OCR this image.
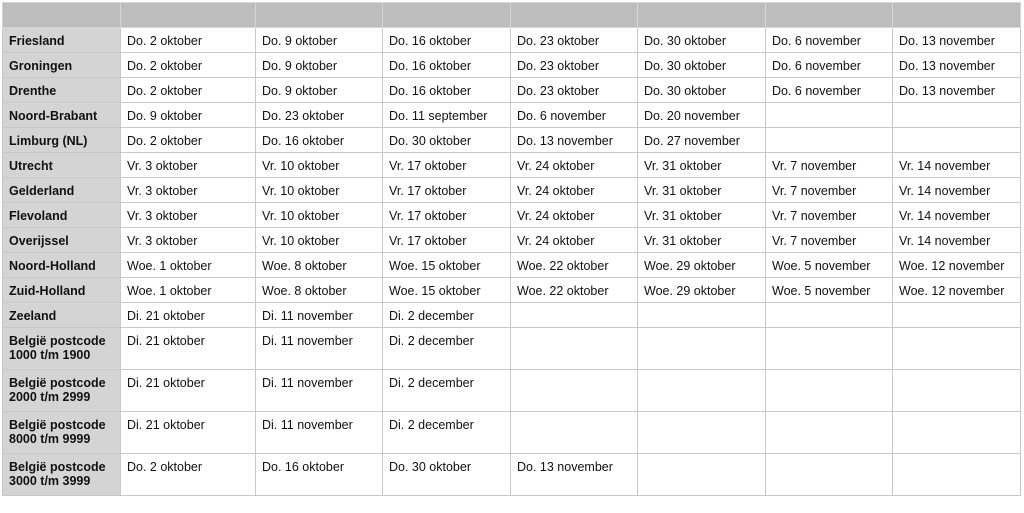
Friesland	Do. 2 oktober	Do. 9 oktober	Do. 16 oktober	Do. 23 oktober	Do. 30 oktober	Do. 6 november	Do. 13 november
Groningen	Do. 2 oktober	Do. 9 oktober	Do. 16 oktober	Do. 23 oktober	Do. 30 oktober	Do. 6 november	Do. 13 november
Drenthe	Do. 2 oktober	Do. 9 oktober	Do. 16 oktober	Do. 23 oktober	Do. 30 oktober	Do. 6 november	Do. 13 november
Noord-Brabant	Do. 9 oktober	Do. 23 oktober	Do. 11 september	Do. 6 november	Do. 20 november		
Limburg (NL)	Do. 2 oktober	Do. 16 oktober	Do. 30 oktober	Do. 13 november	Do. 27 november		
Utrecht	Vr. 3 oktober	Vr. 10 oktober	Vr. 17 oktober	Vr. 24 oktober	Vr. 31 oktober	Vr. 7 november	Vr. 14 november
Gelderland	Vr. 3 oktober	Vr. 10 oktober	Vr. 17 oktober	Vr. 24 oktober	Vr. 31 oktober	Vr. 7 november	Vr. 14 november
Flevoland	Vr. 3 oktober	Vr. 10 oktober	Vr. 17 oktober	Vr. 24 oktober	Vr. 31 oktober	Vr. 7 november	Vr. 14 november
Overijssel	Vr. 3 oktober	Vr. 10 oktober	Vr. 17 oktober	Vr. 24 oktober	Vr. 31 oktober	Vr. 7 november	Vr. 14 november
Noord-Holland	Woe. 1 oktober	Woe. 8 oktober	Woe. 15 oktober	Woe. 22 oktober	Woe. 29 oktober	Woe. 5 november	Woe. 12 november
Zuid-Holland	Woe. 1 oktober	Woe. 8 oktober	Woe. 15 oktober	Woe. 22 oktober	Woe. 29 oktober	Woe. 5 november	Woe. 12 november
Zeeland	Di. 21 oktober	Di. 11 november	Di. 2 december				
België postcode 1000 t/m 1900	Di. 21 oktober	Di. 11 november	Di. 2 december				
België postcode 2000 t/m 2999	Di. 21 oktober	Di. 11 november	Di. 2 december				
België postcode 8000 t/m 9999	Di. 21 oktober	Di. 11 november	Di. 2 december				
België postcode 3000 t/m 3999	Do. 2 oktober	Do. 16 oktober	Do. 30 oktober	Do. 13 november			
